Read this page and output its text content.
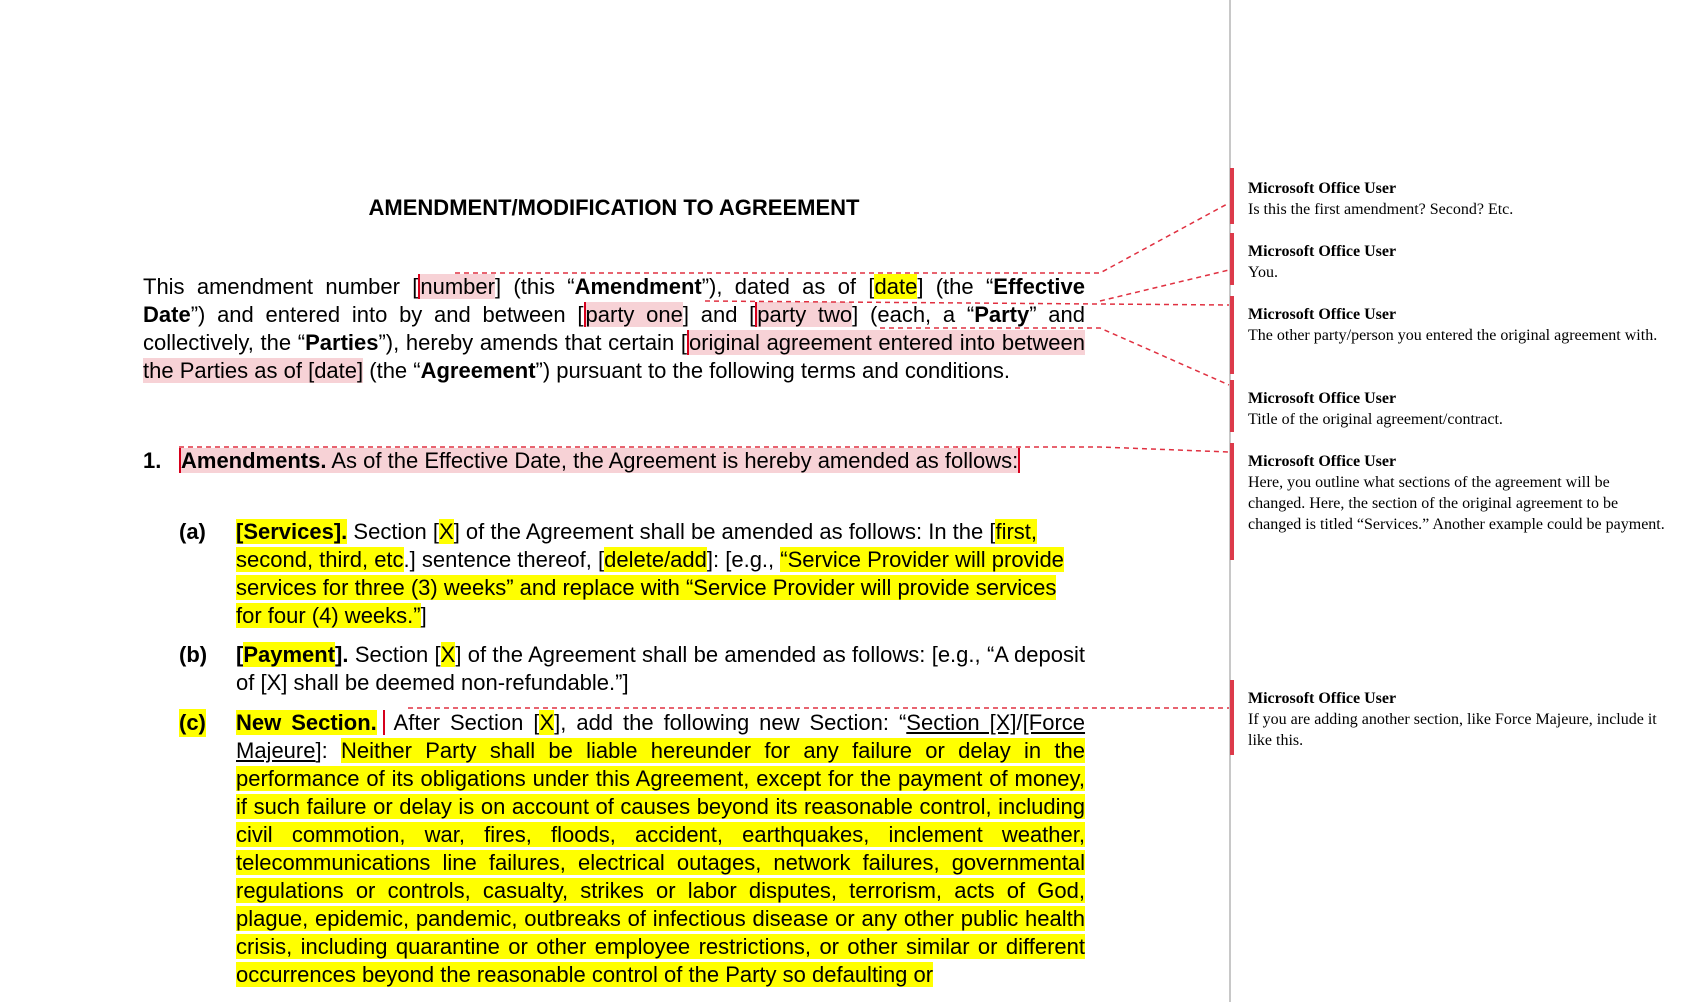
AMENDMENT/MODIFICATION TO AGREEMENT

This amendment number [number] (this “Amendment”), dated as of [date] (the “Effective Date”) and entered into by and between [party one] and [party two] (each, a “Party” and collectively, the “Parties”), hereby amends that certain [original agreement entered into between the Parties as of [date] (the “Agreement”) pursuant to the following terms and conditions.

1. Amendments. As of the Effective Date, the Agreement is hereby amended as follows:

(a) [Services]. Section [X] of the Agreement shall be amended as follows: In the [first, second, third, etc.] sentence thereof, [delete/add]: [e.g., “Service Provider will provide services for three (3) weeks” and replace with “Service Provider will provide services for four (4) weeks.”]

(b) [Payment]. Section [X] of the Agreement shall be amended as follows: [e.g., “A deposit of [X] shall be deemed non-refundable.”]

(c) New Section. After Section [X], add the following new Section: “Section [X]/[Force Majeure]: Neither Party shall be liable hereunder for any failure or delay in the performance of its obligations under this Agreement, except for the payment of money, if such failure or delay is on account of causes beyond its reasonable control, including civil commotion, war, fires, floods, accident, earthquakes, inclement weather, telecommunications line failures, electrical outages, network failures, governmental regulations or controls, casualty, strikes or labor disputes, terrorism, acts of God, plague, epidemic, pandemic, outbreaks of infectious disease or any other public health crisis, including quarantine or other employee restrictions, or other similar or different occurrences beyond the reasonable control of the Party so defaulting or

Microsoft Office User
Is this the first amendment? Second? Etc.
Microsoft Office User
You.
Microsoft Office User
The other party/person you entered the original agreement with.
Microsoft Office User
Title of the original agreement/contract.
Microsoft Office User
Here, you outline what sections of the agreement will be changed. Here, the section of the original agreement to be changed is titled “Services.” Another example could be payment.
Microsoft Office User
If you are adding another section, like Force Majeure, include it like this.
